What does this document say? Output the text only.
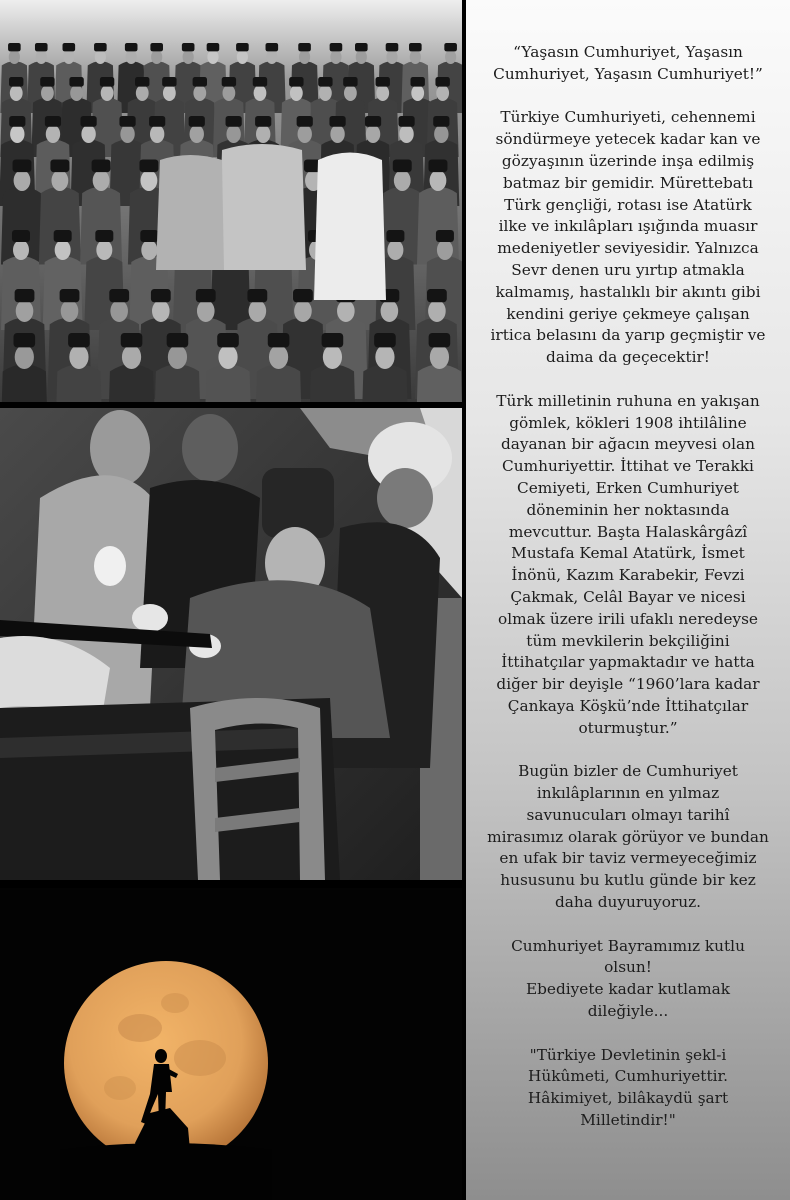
“Yaşasın Cumhuriyet, Yaşasın
Cumhuriyet, Yaşasın Cumhuriyet!”

Türkiye Cumhuriyeti, cehennemi
söndürmeye yetecek kadar kan ve
gözyaşının üzerinde inşa edilmiş
batmaz bir gemidir. Mürettebatı
Türk gençliği, rotası ise Atatürk
ilke ve inkılâpları ışığında muasır
medeniyetler seviyesidir. Yalnızca
Sevr denen uru yırtıp atmakla
kalmamış, hastalıklı bir akıntı gibi
kendini geriye çekmeye çalışan
irtica belasını da yarıp geçmiştir ve
daima da geçecektir!

Türk milletinin ruhuna en yakışan
gömlek, kökleri 1908 ihtilâline
dayanan bir ağacın meyvesi olan
Cumhuriyettir. İttihat ve Terakki
Cemiyeti, Erken Cumhuriyet
döneminin her noktasında
mevcuttur. Başta Halaskârgâzî
Mustafa Kemal Atatürk, İsmet
İnönü, Kazım Karabekir, Fevzi
Çakmak, Celâl Bayar ve nicesi
olmak üzere irili ufaklı neredeyse
tüm mevkilerin bekçiliğini
İttihatçılar yapmaktadır ve hatta
diğer bir deyişle “1960’lara kadar
Çankaya Köşkü’nde İttihatçılar
oturmuştur.”

Bugün bizler de Cumhuriyet
inkılâplarının en yılmaz
savunucuları olmayı tarihî
mirasımız olarak görüyor ve bundan
en ufak bir taviz vermeyeceğimiz
hususunu bu kutlu günde bir kez
daha duyuruyoruz.

Cumhuriyet Bayramımız kutlu
olsun!
Ebediyete kadar kutlamak
dileğiyle...

"Türkiye Devletinin şekl-i
Hükûmeti, Cumhuriyettir.
Hâkimiyet, bilâkaydü şart
Milletindir!"
